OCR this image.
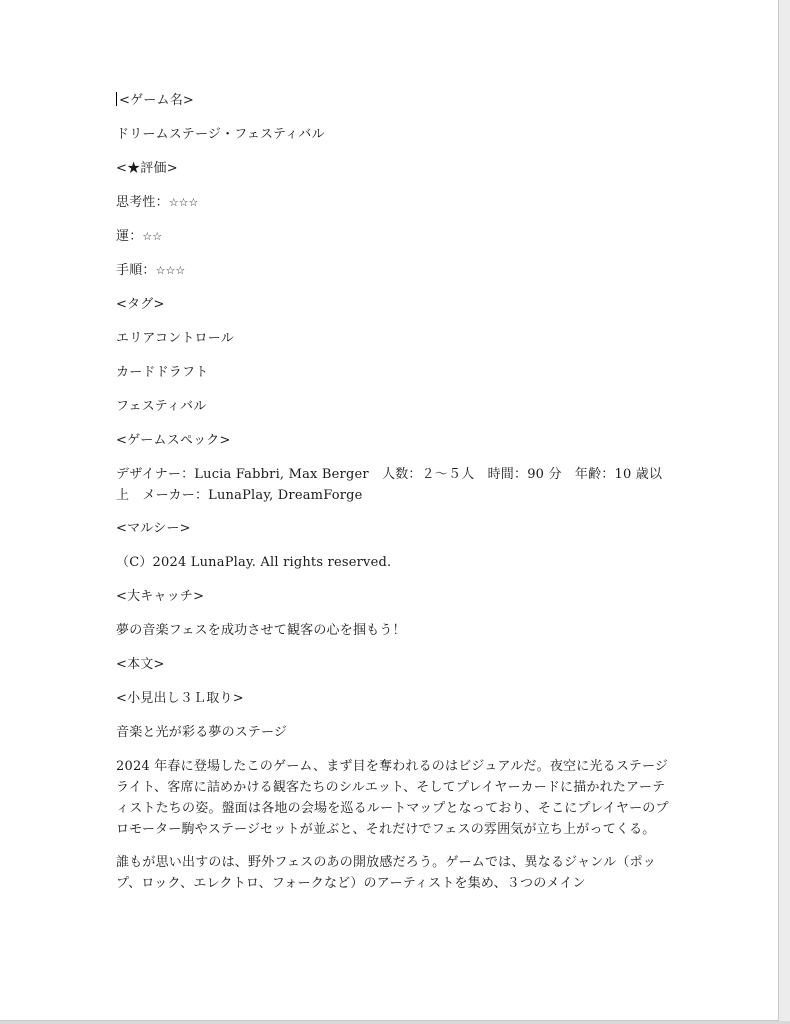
<ゲーム名>
ドリームステージ・フェスティバル
<★評価>
思考性：☆☆☆
運：☆☆
手順：☆☆☆
<タグ>
エリアコントロール
カードドラフト
フェスティバル
<ゲームスペック>
デザイナー：Lucia Fabbri, Max Berger　人数：２〜５人　時間：90 分　年齢：10 歳以上　メーカー：LunaPlay, DreamForge
<マルシー>
（C）2024 LunaPlay. All rights reserved.
<大キャッチ>
夢の音楽フェスを成功させて観客の心を掴もう！
<本文>
<小見出し３Ｌ取り>
音楽と光が彩る夢のステージ
2024 年春に登場したこのゲーム、まず目を奪われるのはビジュアルだ。夜空に光るステージライト、客席に詰めかける観客たちのシルエット、そしてプレイヤーカードに描かれたアーティストたちの姿。盤面は各地の会場を巡るルートマップとなっており、そこにプレイヤーのプロモーター駒やステージセットが並ぶと、それだけでフェスの雰囲気が立ち上がってくる。
誰もが思い出すのは、野外フェスのあの開放感だろう。ゲームでは、異なるジャンル（ポップ、ロック、エレクトロ、フォークなど）のアーティストを集め、３つのメイン
